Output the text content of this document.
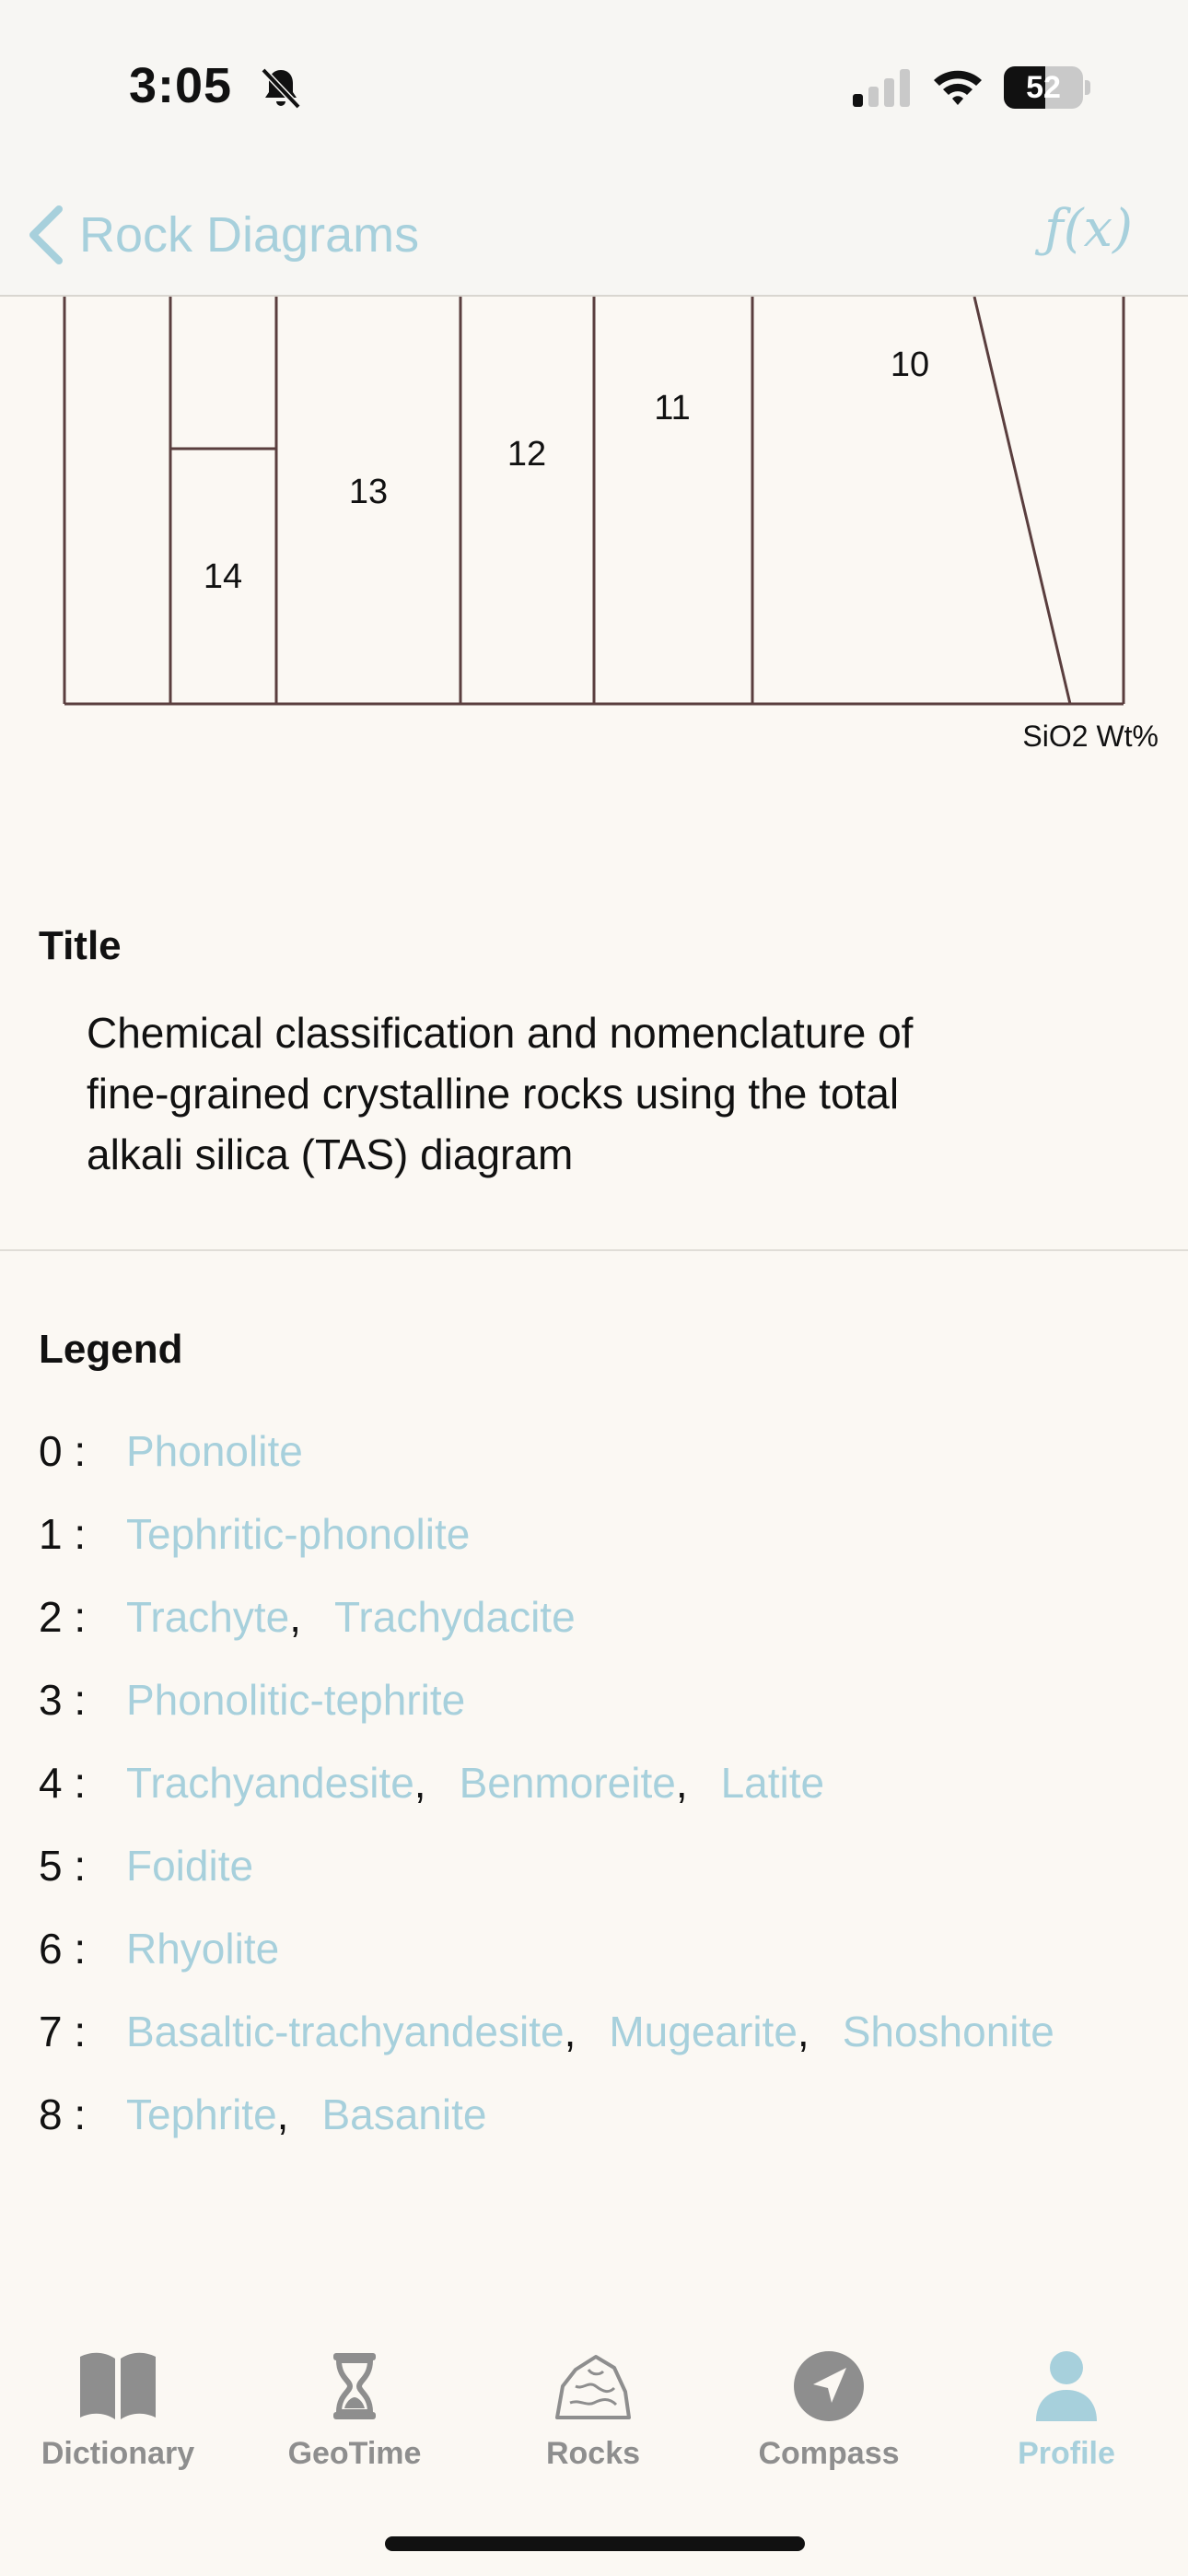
3:05	52
Rock Diagrams	ƒ(x)
10
11
12
13
14
SiO2 Wt%
Title
Chemical classification and nomenclature of
fine-grained crystalline rocks using the total
alkali silica (TAS) diagram
Legend
0 : Phonolite
1 : Tephritic-phonolite
2 : Trachyte , Trachydacite
3 : Phonolitic-tephrite
4 : Trachyandesite , Benmoreite , Latite
5 : Foidite
6 : Rhyolite
7 : Basaltic-trachyandesite , Mugearite , Shoshonite
8 : Tephrite , Basanite
Dictionary	GeoTime	Rocks	Compass	Profile
